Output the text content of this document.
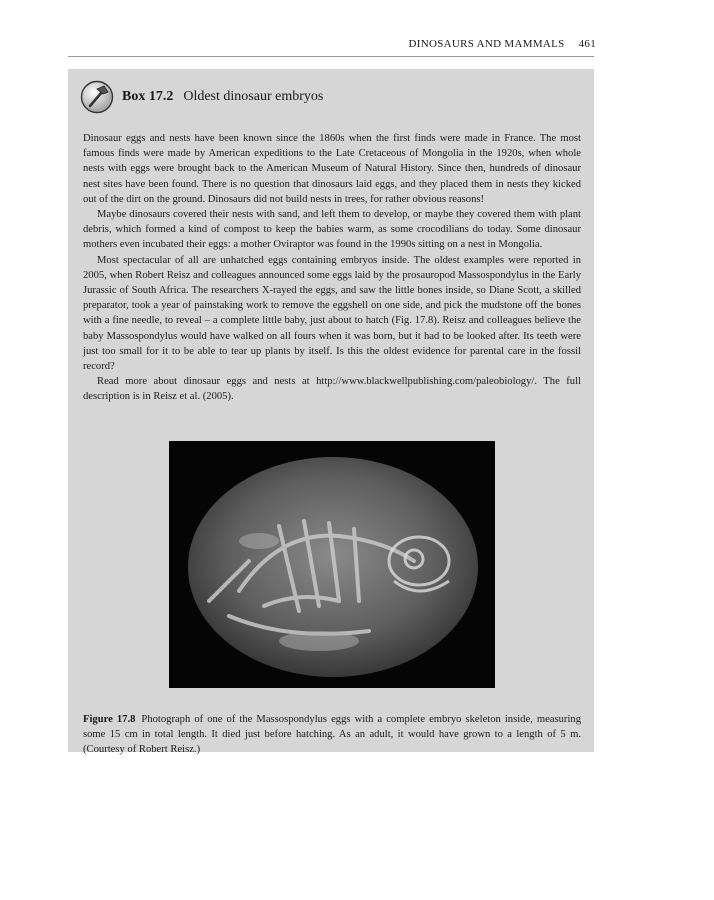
DINOSAURS AND MAMMALS 461
Box 17.2 Oldest dinosaur embryos

Dinosaur eggs and nests have been known since the 1860s when the first finds were made in France. The most famous finds were made by American expeditions to the Late Cretaceous of Mongolia in the 1920s, when whole nests with eggs were brought back to the American Museum of Natural History. Since then, hundreds of dinosaur nest sites have been found. There is no question that dinosaurs laid eggs, and they placed them in nests they kicked out of the dirt on the ground. Dinosaurs did not build nests in trees, for rather obvious reasons!

Maybe dinosaurs covered their nests with sand, and left them to develop, or maybe they covered them with plant debris, which formed a kind of compost to keep the babies warm, as some crocodilians do today. Some dinosaur mothers even incubated their eggs: a mother Oviraptor was found in the 1990s sitting on a nest in Mongolia.

Most spectacular of all are unhatched eggs containing embryos inside. The oldest examples were reported in 2005, when Robert Reisz and colleagues announced some eggs laid by the prosauropod Massospondylus in the Early Jurassic of South Africa. The researchers X-rayed the eggs, and saw the little bones inside, so Diane Scott, a skilled preparator, took a year of painstaking work to remove the eggshell on one side, and pick the mudstone off the bones with a fine needle, to reveal – a complete little baby, just about to hatch (Fig. 17.8). Reisz and colleagues believe the baby Massospondylus would have walked on all fours when it was born, but it had to be looked after. Its teeth were just too small for it to be able to tear up plants by itself. Is this the oldest evidence for parental care in the fossil record?

Read more about dinosaur eggs and nests at http://www.blackwellpublishing.com/paleobiology/. The full description is in Reisz et al. (2005).

Figure 17.8 Photograph of one of the Massospondylus eggs with a complete embryo skeleton inside, measuring some 15 cm in total length. It died just before hatching. As an adult, it would have grown to a length of 5 m. (Courtesy of Robert Reisz.)
